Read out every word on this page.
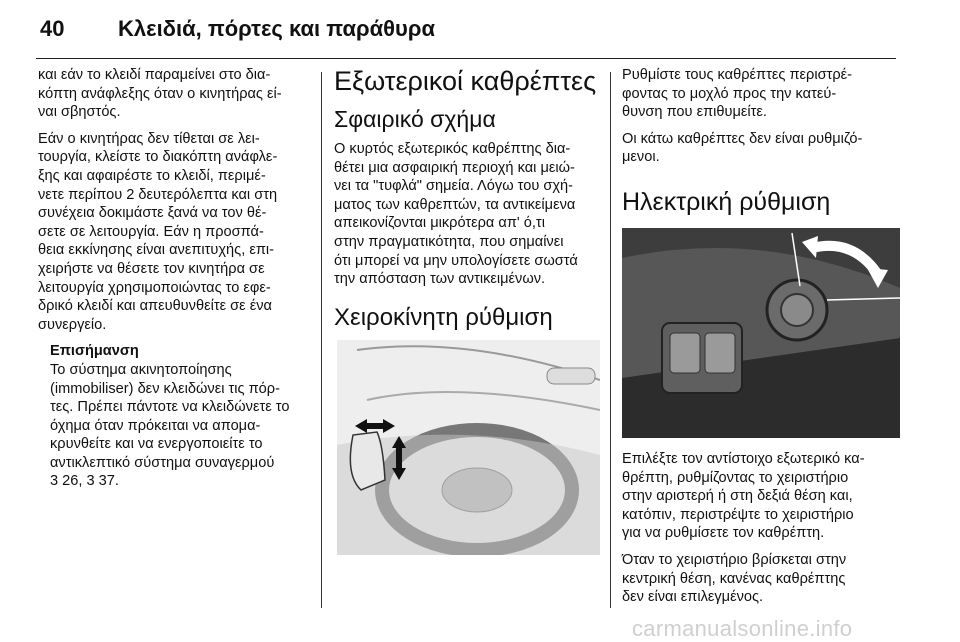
40 Κλειδιά, πόρτες και παράθυρα

και εάν το κλειδί παραμείνει στο δια-
κόπτη ανάφλεξης όταν ο κινητήρας εί-
ναι σβηστός.

Εάν ο κινητήρας δεν τίθεται σε λει-
τουργία, κλείστε το διακόπτη ανάφλε-
ξης και αφαιρέστε το κλειδί, περιμέ-
νετε περίπου 2 δευτερόλεπτα και στη
συνέχεια δοκιμάστε ξανά να τον θέ-
σετε σε λειτουργία. Εάν η προσπά-
θεια εκκίνησης είναι ανεπιτυχής, επι-
χειρήστε να θέσετε τον κινητήρα σε
λειτουργία χρησιμοποιώντας το εφε-
δρικό κλειδί και απευθυνθείτε σε ένα
συνεργείο.

Επισήμανση
Το σύστημα ακινητοποίησης
(immobiliser) δεν κλειδώνει τις πόρ-
τες. Πρέπει πάντοτε να κλειδώνετε το
όχημα όταν πρόκειται να απομα-
κρυνθείτε και να ενεργοποιείτε το
αντικλεπτικό σύστημα συναγερμού
3 26, 3 37.
Εξωτερικοί καθρέπτες
Σφαιρικό σχήμα

Ο κυρτός εξωτερικός καθρέπτης δια-
θέτει μια ασφαιρική περιοχή και μειώ-
νει τα "τυφλά" σημεία. Λόγω του σχή-
ματος των καθρεπτών, τα αντικείμενα
απεικονίζονται μικρότερα απ' ό,τι
στην πραγματικότητα, που σημαίνει
ότι μπορεί να μην υπολογίσετε σωστά
την απόσταση των αντικειμένων.

Χειροκίνητη ρύθμιση

Ρυθμίστε τους καθρέπτες περιστρέ-
φοντας το μοχλό προς την κατεύ-
θυνση που επιθυμείτε.

Οι κάτω καθρέπτες δεν είναι ρυθμιζό-
μενοι.

Ηλεκτρική ρύθμιση

Επιλέξτε τον αντίστοιχο εξωτερικό κα-
θρέπτη, ρυθμίζοντας το χειριστήριο
στην αριστερή ή στη δεξιά θέση και,
κατόπιν, περιστρέψτε το χειριστήριο
για να ρυθμίσετε τον καθρέπτη.

Όταν το χειριστήριο βρίσκεται στην
κεντρική θέση, κανένας καθρέπτης
δεν είναι επιλεγμένος.

carmanualsonline.info
